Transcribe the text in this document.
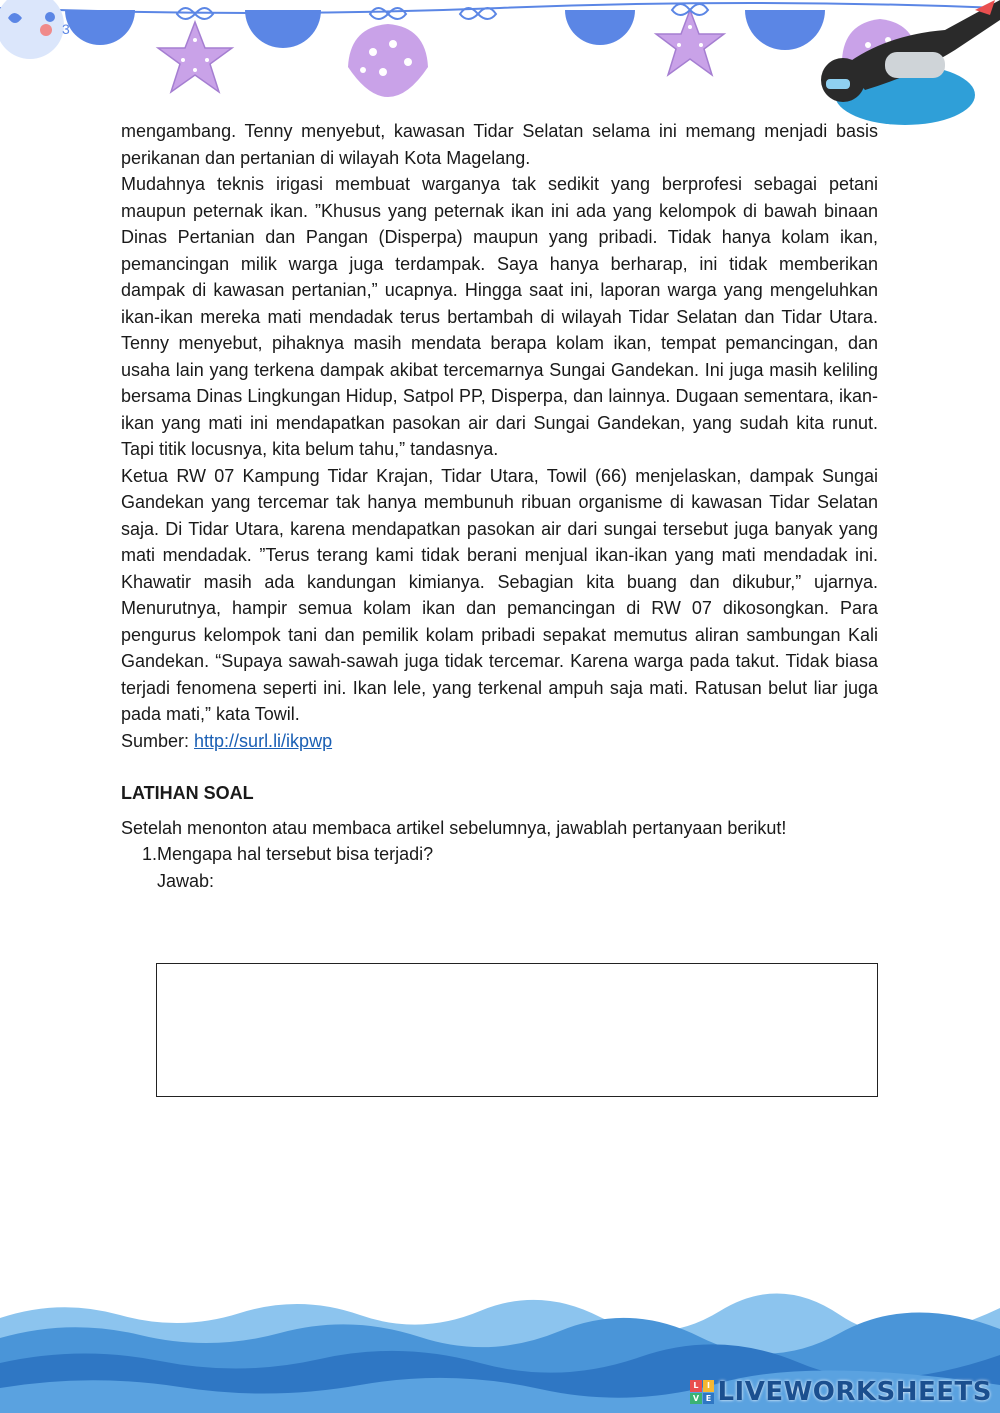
3

mengambang. Tenny menyebut, kawasan Tidar Selatan selama ini memang menjadi basis perikanan dan pertanian di wilayah Kota Magelang.

Mudahnya teknis irigasi membuat warganya tak sedikit yang berprofesi sebagai petani maupun peternak ikan. ”Khusus yang peternak ikan ini ada yang kelompok di bawah binaan Dinas Pertanian dan Pangan (Disperpa) maupun yang pribadi. Tidak hanya kolam ikan, pemancingan milik warga juga terdampak. Saya hanya berharap, ini tidak memberikan dampak di kawasan pertanian,” ucapnya. Hingga saat ini, laporan warga yang mengeluhkan ikan-ikan mereka mati mendadak terus bertambah di wilayah Tidar Selatan dan Tidar Utara. Tenny menyebut, pihaknya masih mendata berapa kolam ikan, tempat pemancingan, dan usaha lain yang terkena dampak akibat tercemarnya Sungai Gandekan. Ini juga masih keliling bersama Dinas Lingkungan Hidup, Satpol PP, Disperpa, dan lainnya. Dugaan sementara, ikan-ikan yang mati ini mendapatkan pasokan air dari Sungai Gandekan, yang sudah kita runut. Tapi titik locusnya, kita belum tahu,” tandasnya.

Ketua RW 07 Kampung Tidar Krajan, Tidar Utara, Towil (66) menjelaskan, dampak Sungai Gandekan yang tercemar tak hanya membunuh ribuan organisme di kawasan Tidar Selatan saja. Di Tidar Utara, karena mendapatkan pasokan air dari sungai tersebut juga banyak yang mati mendadak. ”Terus terang kami tidak berani menjual ikan-ikan yang mati mendadak ini. Khawatir masih ada kandungan kimianya. Sebagian kita buang dan dikubur,” ujarnya. Menurutnya, hampir semua kolam ikan dan pemancingan di RW 07 dikosongkan. Para pengurus kelompok tani dan pemilik kolam pribadi sepakat memutus aliran sambungan Kali Gandekan. “Supaya sawah-sawah juga tidak tercemar. Karena warga pada takut. Tidak biasa terjadi fenomena seperti ini. Ikan lele, yang terkenal ampuh saja mati. Ratusan belut liar juga pada mati,” kata Towil.

Sumber: http://surl.li/ikpwp

LATIHAN SOAL

Setelah menonton atau membaca artikel sebelumnya, jawablah pertanyaan berikut!

1. Mengapa hal tersebut bisa terjadi?
Jawab:
L I
V E LIVEWORKSHEETS
